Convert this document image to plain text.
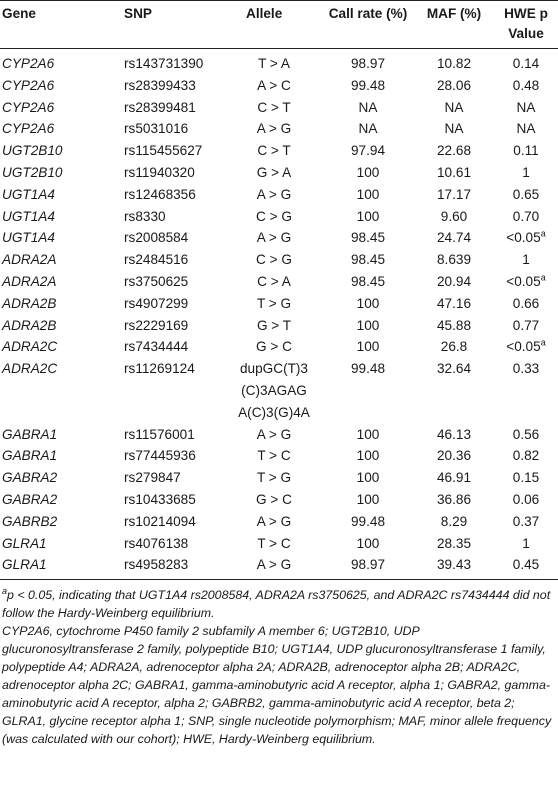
Gene	SNP	Allele	Call rate (%)	MAF (%)	HWE p Value
CYP2A6	rs143731390	T > A	98.97	10.82	0.14
CYP2A6	rs28399433	A > C	99.48	28.06	0.48
CYP2A6	rs28399481	C > T	NA	NA	NA
CYP2A6	rs5031016	A > G	NA	NA	NA
UGT2B10	rs115455627	C > T	97.94	22.68	0.11
UGT2B10	rs11940320	G > A	100	10.61	1
UGT1A4	rs12468356	A > G	100	17.17	0.65
UGT1A4	rs8330	C > G	100	9.60	0.70
UGT1A4	rs2008584	A > G	98.45	24.74	<0.05$^a$
ADRA2A	rs2484516	C > G	98.45	8.639	1
ADRA2A	rs3750625	C > A	98.45	20.94	<0.05$^a$
ADRA2B	rs4907299	T > G	100	47.16	0.66
ADRA2B	rs2229169	G > T	100	45.88	0.77
ADRA2C	rs7434444	G > C	100	26.8	<0.05$^a$
ADRA2C	rs11269124	dupGC(T)3
(C)3AGAG
A(C)3(G)4A	99.48	32.64	0.33
GABRA1	rs11576001	A > G	100	46.13	0.56
GABRA1	rs77445936	T > C	100	20.36	0.82
GABRA2	rs279847	T > G	100	46.91	0.15
GABRA2	rs10433685	G > C	100	36.86	0.06
GABRB2	rs10214094	A > G	99.48	8.29	0.37
GLRA1	rs4076138	T > C	100	28.35	1
GLRA1	rs4958283	A > G	98.97	39.43	0.45

$^a$p < 0.05, indicating that UGT1A4 rs2008584, ADRA2A rs3750625, and ADRA2C rs7434444 did not follow the Hardy-Weinberg equilibrium.

CYP2A6, cytochrome P450 family 2 subfamily A member 6; UGT2B10, UDP glucuronosyltransferase 2 family, polypeptide B10; UGT1A4, UDP glucuronosyltransferase 1 family, polypeptide A4; ADRA2A, adrenoceptor alpha 2A; ADRA2B, adrenoceptor alpha 2B; ADRA2C, adrenoceptor alpha 2C; GABRA1, gamma-aminobutyric acid A receptor, alpha 1; GABRA2, gamma-aminobutyric acid A receptor, alpha 2; GABRB2, gamma-aminobutyric acid A receptor, beta 2; GLRA1, glycine receptor alpha 1; SNP, single nucleotide polymorphism; MAF, minor allele frequency (was calculated with our cohort); HWE, Hardy-Weinberg equilibrium.
